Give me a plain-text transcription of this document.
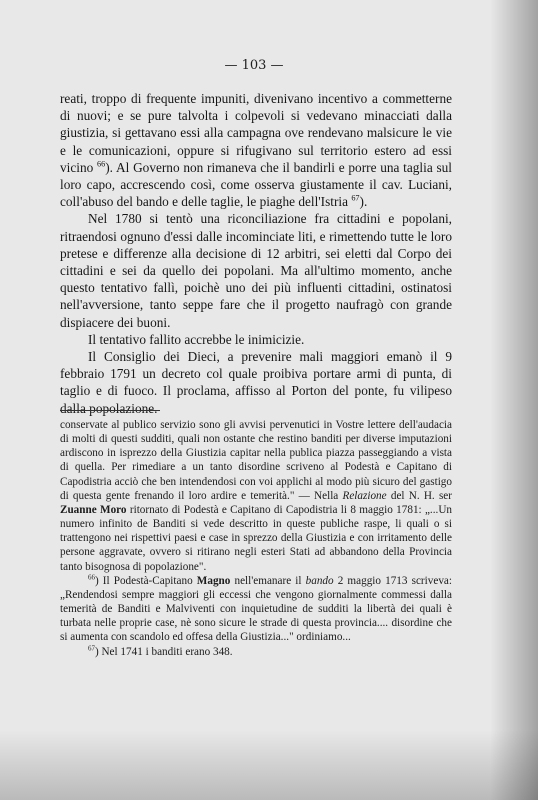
— 103 —

reati, troppo di frequente impuniti, divenivano incentivo a commetterne di nuovi; e se pure talvolta i colpevoli si vedevano minacciati dalla giustizia, si gettavano essi alla campagna ove rendevano malsicure le vie e le comunicazioni, oppure si rifugivano sul territorio estero ad essi vicino $^{66}$). Al Governo non rimaneva che il bandirli e porre una taglia sul loro capo, accrescendo così, come osserva giustamente il cav. Luciani, coll'abuso del bando e delle taglie, le piaghe dell'Istria $^{67}$).

Nel 1780 si tentò una riconciliazione fra cittadini e popolani, ritraendosi ognuno d'essi dalle incominciate liti, e rimettendo tutte le loro pretese e differenze alla decisione di 12 arbitri, sei eletti dal Corpo dei cittadini e sei da quello dei popolani. Ma all'ultimo momento, anche questo tentativo fallì, poichè uno dei più influenti cittadini, ostinatosi nell'avversione, tanto seppe fare che il progetto naufragò con grande dispiacere dei buoni.

Il tentativo fallito accrebbe le inimicizie.

Il Consiglio dei Dieci, a prevenire mali maggiori emanò il 9 febbraio 1791 un decreto col quale proibiva portare armi di punta, di taglio e di fuoco. Il proclama, affisso al Porton del ponte, fu vilipeso dalla popolazione.

conservate al publico servizio sono gli avvisi pervenutici in Vostre lettere dell'audacia di molti di questi sudditi, quali non ostante che restino banditi per diverse imputazioni ardiscono in isprezzo della Giustizia capitar nella publica piazza passeggiando a vista di quella. Per rimediare a un tanto disordine scriveno al Podestà e Capitano di Capodistria acciò che ben intendendosi con voi applichi al modo più sicuro del gastigo di questa gente frenando il loro ardire e temerità." — Nella Relazione del N. H. ser Zuanne Moro ritornato di Podestà e Capitano di Capodistria li 8 maggio 1781: „...Un numero infinito de Banditi si vede descritto in queste publiche raspe, li quali o si trattengono nei rispettivi paesi e case in sprezzo della Giustizia e con irritamento delle persone aggravate, ovvero si ritirano negli esteri Stati ad abbandono della Provincia tanto bisognosa di popolazione".

$^{66}$) Il Podestà-Capitano Magno nell'emanare il bando 2 maggio 1713 scriveva: „Rendendosi sempre maggiori gli eccessi che vengono giornalmente commessi dalla temerità de Banditi e Malviventi con inquietudine de sudditi la libertà dei quali è turbata nelle proprie case, nè sono sicure le strade di questa provincia.... disordine che si aumenta con scandolo ed offesa della Giustizia..." ordiniamo...

$^{67}$) Nel 1741 i banditi erano 348.
